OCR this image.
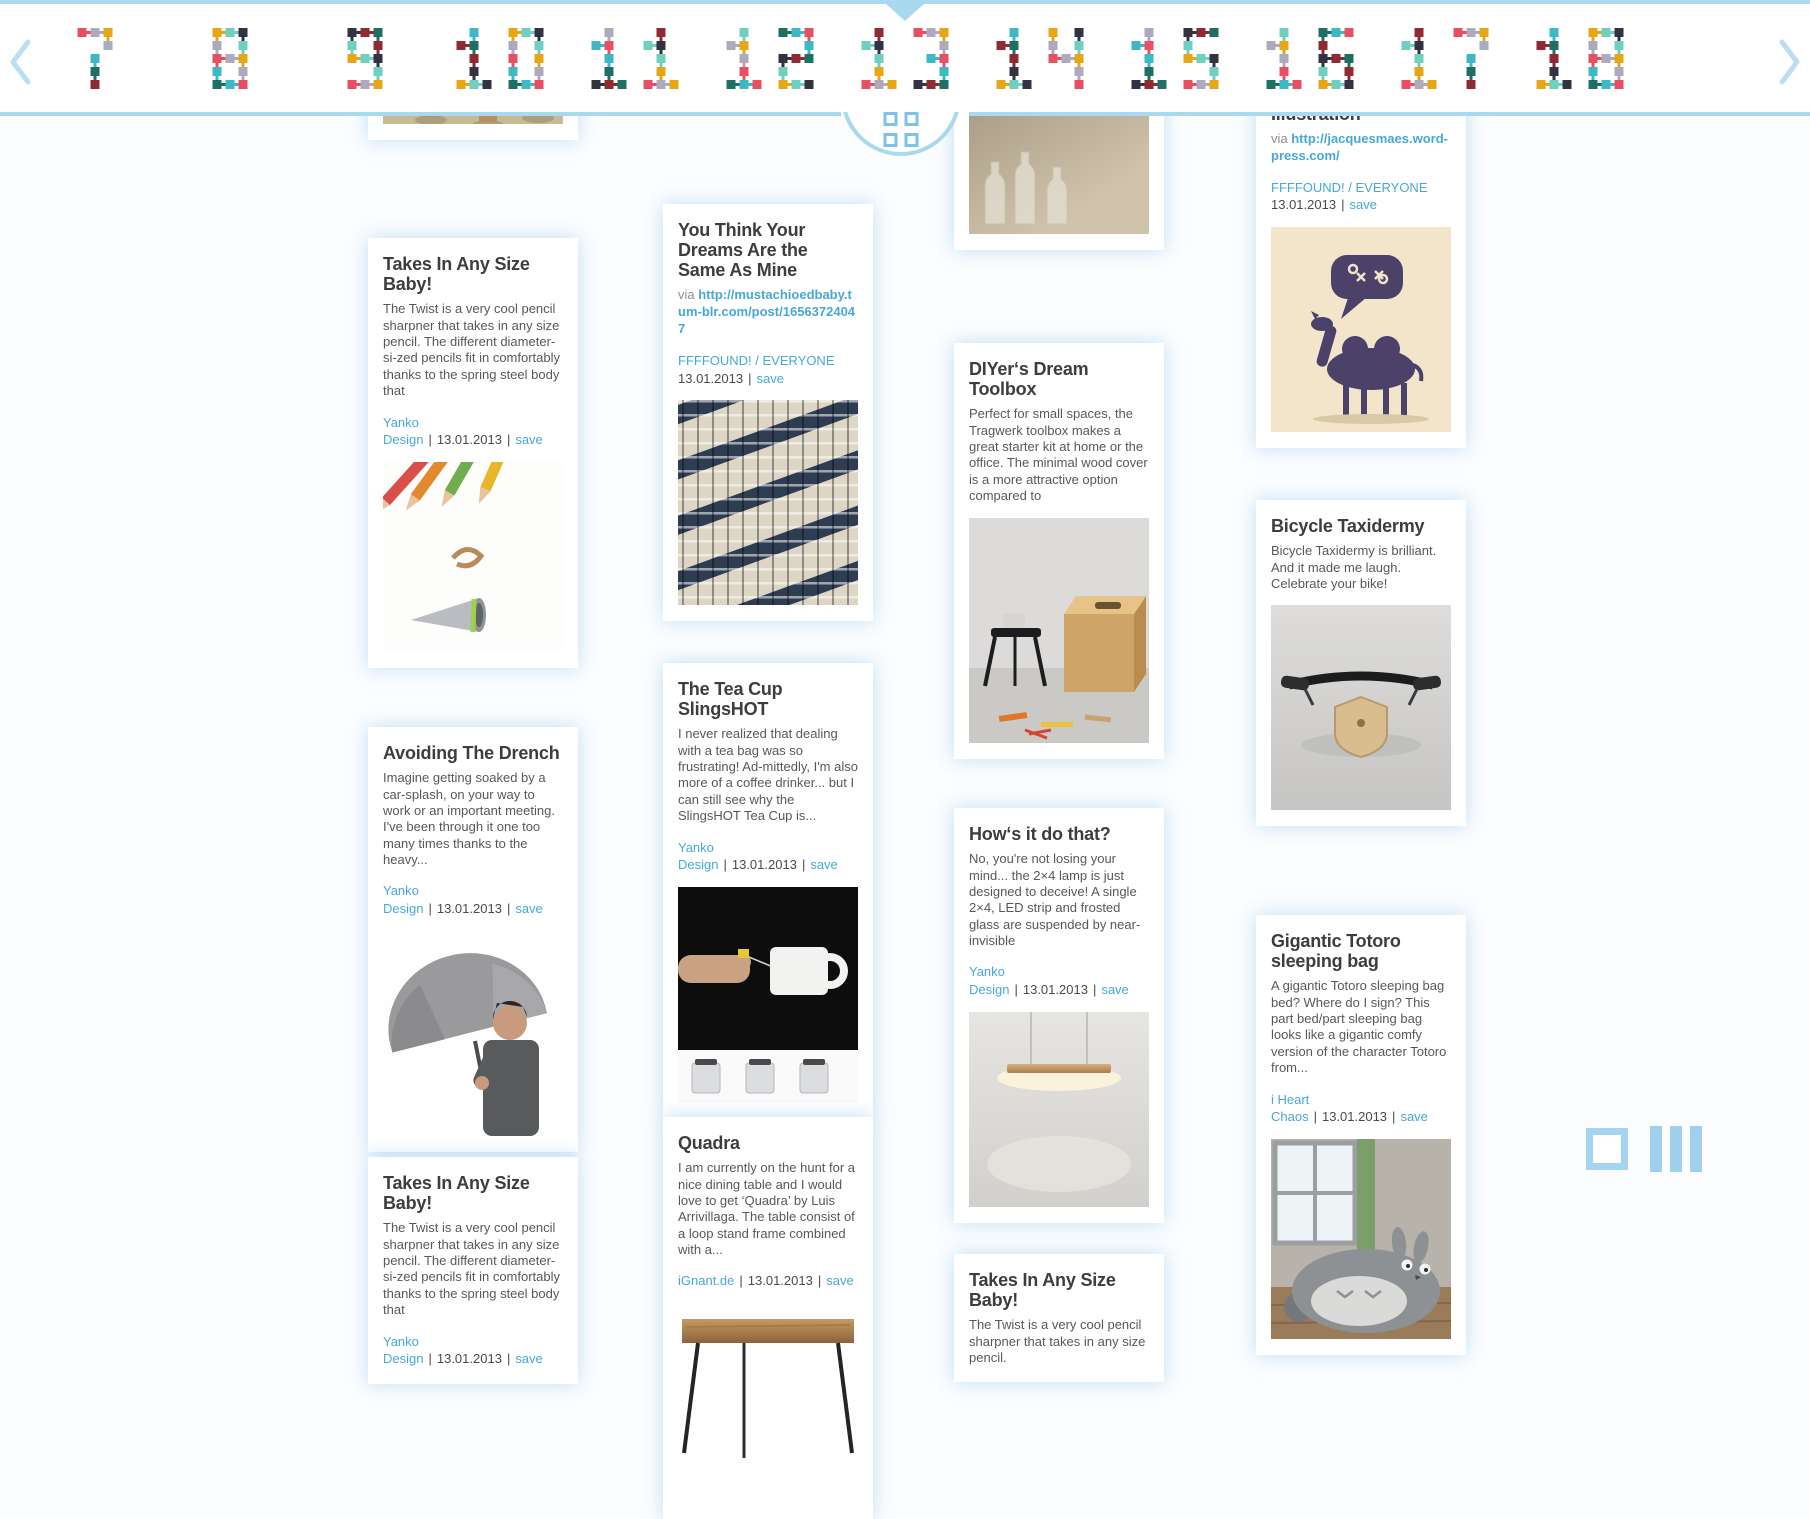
Takes In Any Size Baby!

The Twist is a very cool pencil sharpner that takes in any size pencil. The different diameter-si-zed pencils fit in comfortably thanks to the spring steel body that

Yanko Design | 13.01.2013 | save
Avoiding The Drench

Imagine getting soaked by a car-splash, on your way to work or an important meeting. I've been through it one too many times thanks to the heavy...

Yanko Design | 13.01.2013 | save
Takes In Any Size Baby!

The Twist is a very cool pencil sharpner that takes in any size pencil. The different diameter-si-zed pencils fit in comfortably thanks to the spring steel body that

Yanko Design | 13.01.2013 | save
You Think Your Dreams Are the Same As Mine
via http://mustachioedbaby.tum-blr.com/post/16563724047
FFFFOUND! / EVERYONE
13.01.2013 | save
The Tea Cup SlingsHOT

I never realized that dealing with a tea bag was so frustrating! Ad-mittedly, I'm also more of a coffee drinker... but I can still see why the SlingsHOT Tea Cup is...

Yanko Design | 13.01.2013 | save
Quadra

I am currently on the hunt for a nice dining table and I would love to get ‘Quadra’ by Luis Arrivillaga. The table consist of a loop stand frame combined with a...

iGnant.de | 13.01.2013 | save
DIYer‘s Dream Toolbox

Perfect for small spaces, the Tragwerk toolbox makes a great starter kit at home or the office. The minimal wood cover is a more attractive option compared to

How‘s it do that?

No, you're not losing your mind... the 2×4 lamp is just designed to deceive! A single 2×4, LED strip and frosted glass are suspended by near-invisible

Yanko Design | 13.01.2013 | save
Takes In Any Size Baby!

The Twist is a very cool pencil sharpner that takes in any size pencil.

via http://jacquesmaes.word-press.com/
FFFFOUND! / EVERYONE
13.01.2013 | save
Bicycle Taxidermy

Bicycle Taxidermy is brilliant. And it made me laugh. Celebrate your bike!

Gigantic Totoro sleeping bag

A gigantic Totoro sleeping bag bed? Where do I sign? This part bed/part sleeping bag looks like a gigantic comfy version of the character Totoro from...

i Heart Chaos | 13.01.2013 | save
